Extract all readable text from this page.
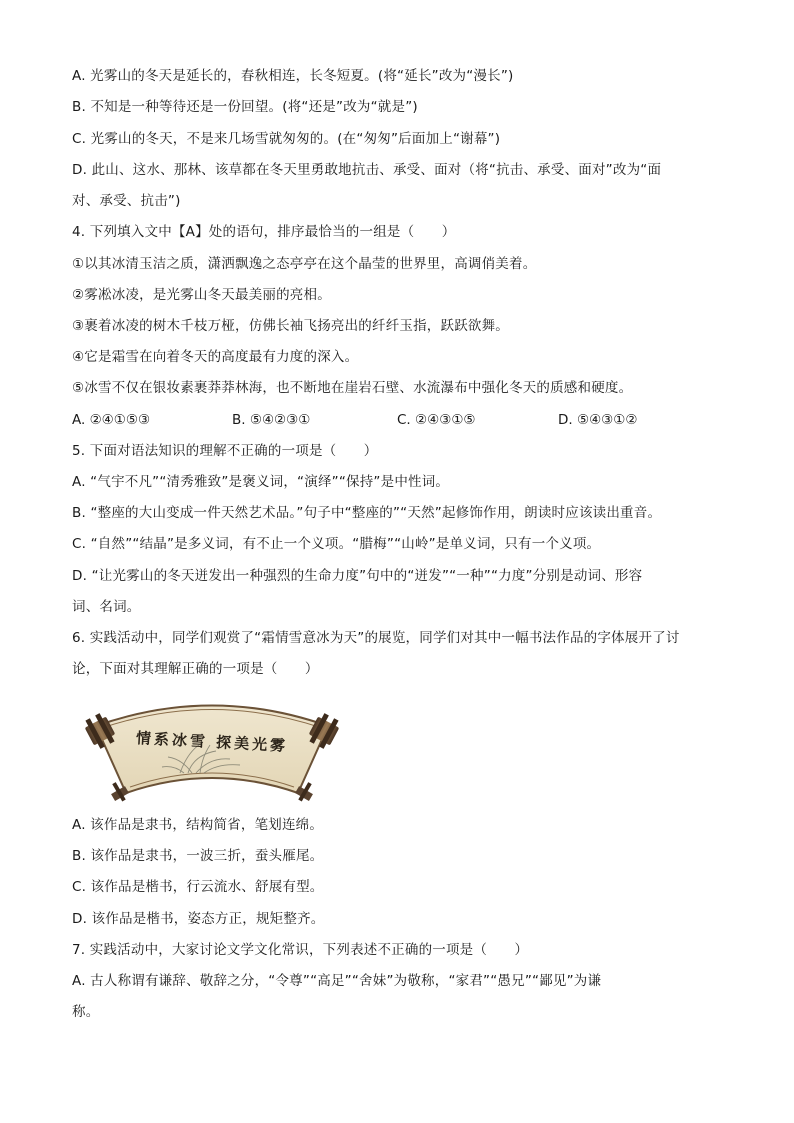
A. 光雾山的冬天是延长的，春秋相连，长冬短夏。(将“延长”改为“漫长”)
B. 不知是一种等待还是一份回望。(将“还是”改为“就是”)
C. 光雾山的冬天，不是来几场雪就匆匆的。(在“匆匆”后面加上“谢幕”)
D. 此山、这水、那林、该草都在冬天里勇敢地抗击、承受、面对（将“抗击、承受、面对”改为“面
对、承受、抗击”)
4. 下列填入文中【A】处的语句，排序最恰当的一组是（　　）
①以其冰清玉洁之质，潇洒飘逸之态亭亭在这个晶莹的世界里，高调俏美着。
②雾凇冰凌，是光雾山冬天最美丽的亮相。
③裹着冰凌的树木千枝万桠，仿佛长袖飞扬亮出的纤纤玉指，跃跃欲舞。
④它是霜雪在向着冬天的高度最有力度的深入。
⑤冰雪不仅在银妆素裹莽莽林海，也不断地在崖岩石壁、水流瀑布中强化冬天的质感和硬度。
A. ②④①⑤③	B. ⑤④②③①	C. ②④③①⑤	D. ⑤④③①②
5. 下面对语法知识的理解不正确的一项是（　　）
A. “气宇不凡”“清秀雅致”是褒义词，“演绎”“保持”是中性词。
B. “整座的大山变成一件天然艺术品。”句子中“整座的”“天然”起修饰作用，朗读时应该读出重音。
C. “自然”“结晶”是多义词，有不止一个义项。“腊梅”“山岭”是单义词，只有一个义项。
D. “让光雾山的冬天迸发出一种强烈的生命力度”句中的“迸发”“一种”“力度”分别是动词、形容
词、名词。
6. 实践活动中，同学们观赏了“霜情雪意冰为天”的展览，同学们对其中一幅书法作品的字体展开了讨
论，下面对其理解正确的一项是（　　）
情系冰雪 探美光雾
A. 该作品是隶书，结构简省，笔划连绵。
B. 该作品是隶书，一波三折，蚕头雁尾。
C. 该作品是楷书，行云流水、舒展有型。
D. 该作品是楷书，姿态方正，规矩整齐。
7. 实践活动中，大家讨论文学文化常识，下列表述不正确的一项是（　　）
A. 古人称谓有谦辞、敬辞之分，“令尊”“高足”“舍妹”为敬称，“家君”“愚兄”“鄙见”为谦
称。
